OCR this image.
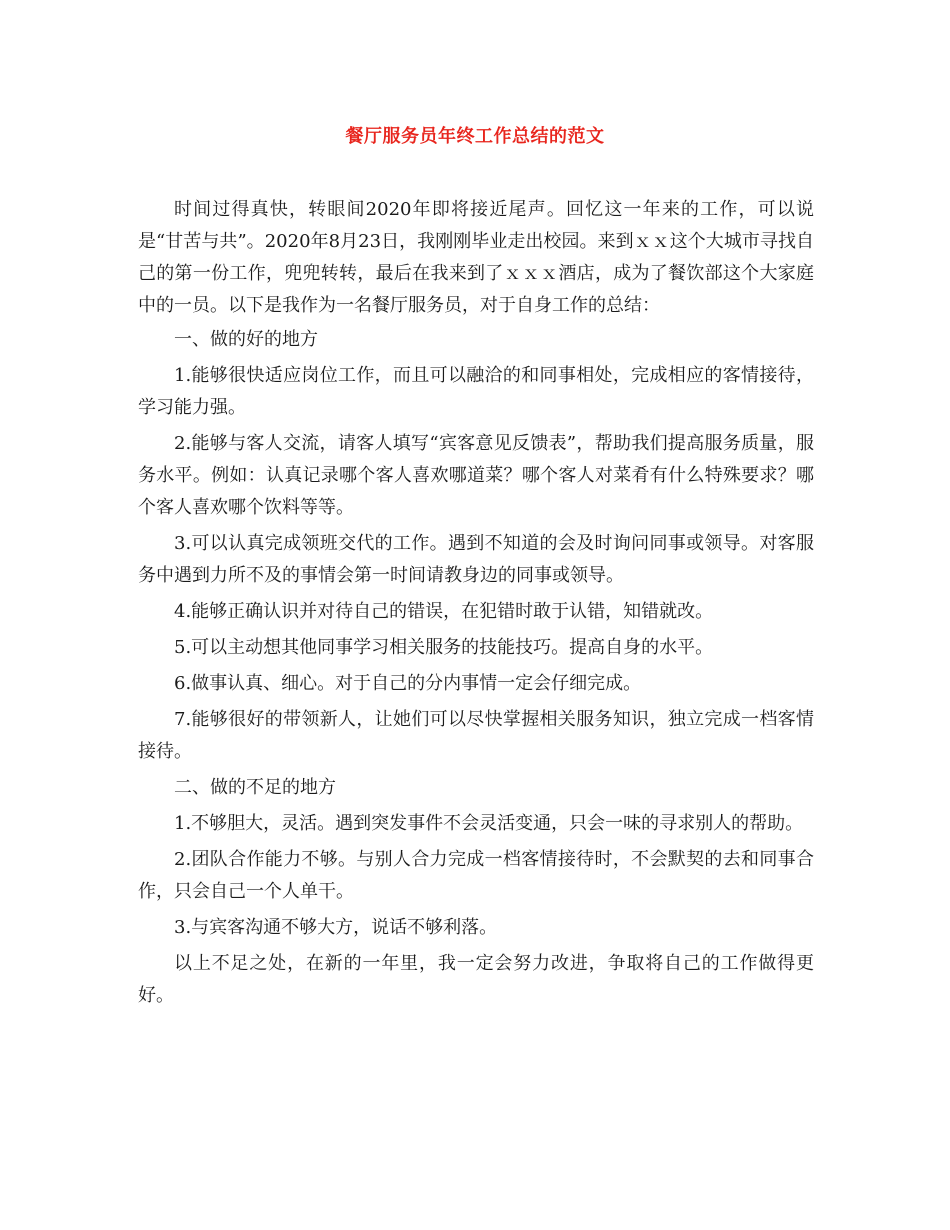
餐厅服务员年终工作总结的范文

时间过得真快，转眼间2020年即将接近尾声。回忆这一年来的工作，可以说是“甘苦与共”。2020年8月23日，我刚刚毕业走出校园。来到ｘｘ这个大城市寻找自己的第一份工作，兜兜转转，最后在我来到了ｘｘｘ酒店，成为了餐饮部这个大家庭中的一员。以下是我作为一名餐厅服务员，对于自身工作的总结：

一、做的好的地方

1.能够很快适应岗位工作，而且可以融洽的和同事相处，完成相应的客情接待，学习能力强。

2.能够与客人交流，请客人填写“宾客意见反馈表”，帮助我们提高服务质量，服务水平。例如：认真记录哪个客人喜欢哪道菜？哪个客人对菜肴有什么特殊要求？哪个客人喜欢哪个饮料等等。

3.可以认真完成领班交代的工作。遇到不知道的会及时询问同事或领导。对客服务中遇到力所不及的事情会第一时间请教身边的同事或领导。

4.能够正确认识并对待自己的错误，在犯错时敢于认错，知错就改。

5.可以主动想其他同事学习相关服务的技能技巧。提高自身的水平。

6.做事认真、细心。对于自己的分内事情一定会仔细完成。

7.能够很好的带领新人，让她们可以尽快掌握相关服务知识，独立完成一档客情接待。

二、做的不足的地方

1.不够胆大，灵活。遇到突发事件不会灵活变通，只会一味的寻求别人的帮助。

2.团队合作能力不够。与别人合力完成一档客情接待时，不会默契的去和同事合作，只会自己一个人单干。

3.与宾客沟通不够大方，说话不够利落。

以上不足之处，在新的一年里，我一定会努力改进，争取将自己的工作做得更好。
